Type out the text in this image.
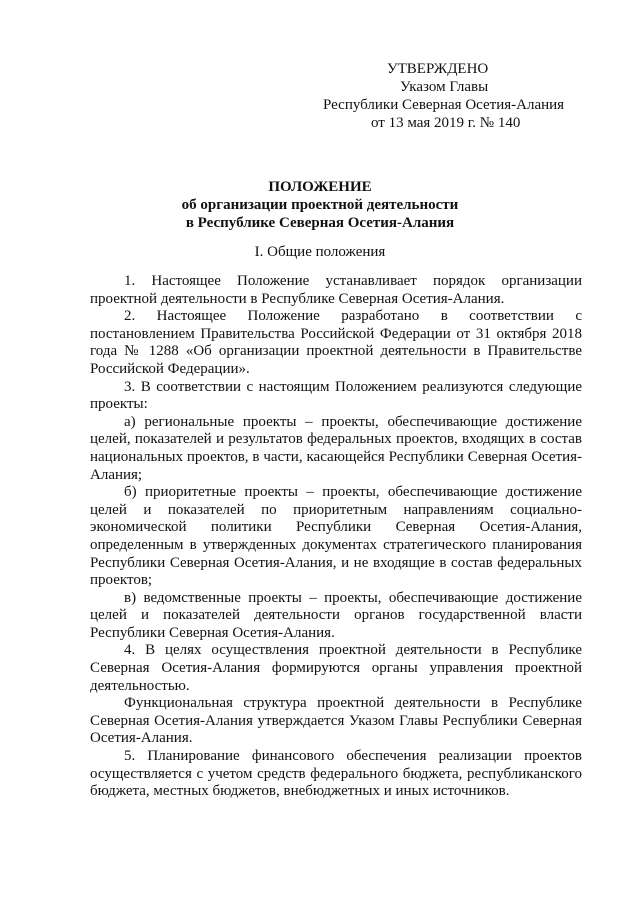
УТВЕРЖДЕНО
Указом Главы
Республики Северная Осетия-Алания
от 13 мая 2019 г. № 140
ПОЛОЖЕНИЕ
об организации проектной деятельности
в Республике Северная Осетия-Алания
I. Общие положения

1. Настоящее Положение устанавливает порядок организации проектной деятельности в Республике Северная Осетия-Алания.

2. Настоящее Положение разработано в соответствии с постановлением Правительства Российской Федерации от 31 октября 2018 года № 1288 «Об организации проектной деятельности в Правительстве Российской Федерации».

3. В соответствии с настоящим Положением реализуются следующие проекты:

а) региональные проекты – проекты, обеспечивающие достижение целей, показателей и результатов федеральных проектов, входящих в состав национальных проектов, в части, касающейся Республики Северная Осетия-Алания;

б) приоритетные проекты – проекты, обеспечивающие достижение целей и показателей по приоритетным направлениям социально-экономической политики Республики Северная Осетия-Алания, определенным в утвержденных документах стратегического планирования Республики Северная Осетия-Алания, и не входящие в состав федеральных проектов;

в) ведомственные проекты – проекты, обеспечивающие достижение целей и показателей деятельности органов государственной власти Республики Северная Осетия-Алания.

4. В целях осуществления проектной деятельности в Республике Северная Осетия-Алания формируются органы управления проектной деятельностью.

Функциональная структура проектной деятельности в Республике Северная Осетия-Алания утверждается Указом Главы Республики Северная Осетия-Алания.

5. Планирование финансового обеспечения реализации проектов осуществляется с учетом средств федерального бюджета, республиканского бюджета, местных бюджетов, внебюджетных и иных источников.
